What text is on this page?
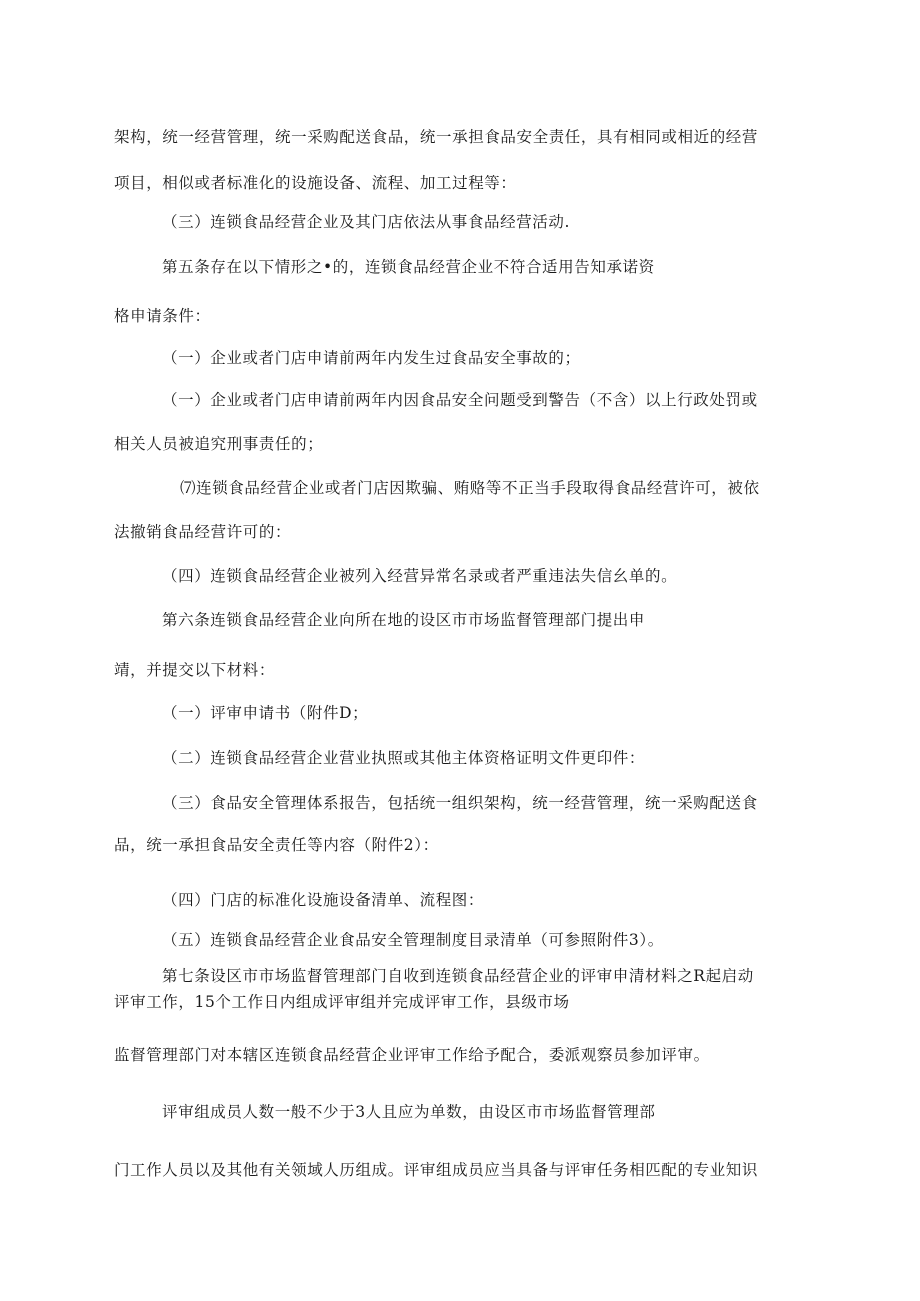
架构，统一经营管理，统一采购配送食品，统一承担食品安全责任，具有相同或相近的经营

项目，相似或者标准化的设施设备、流程、加工过程等：

（三）连锁食品经营企业及其门店依法从事食品经营活动.

第五条存在以下情形之•的，连锁食品经营企业不符合适用告知承诺资

格申请条件：

（一）企业或者门店申请前两年内发生过食品安全事故的；

（一）企业或者门店申请前两年内因食品安全问题受到警告（不含）以上行政处罚或

相关人员被追究刑事责任的；

⑺连锁食品经营企业或者门店因欺骗、贿赂等不正当手段取得食品经营许可，被依

法撤销食品经营许可的：

（四）连锁食品经营企业被列入经营异常名录或者严重违法失信幺单的。

第六条连锁食品经营企业向所在地的设区市市场监督管理部门提出申

靖，并提交以下材料：

（一）评审申请书（附件D；

（二）连锁食品经营企业营业执照或其他主体资格证明文件更印件：

（三）食品安全管理体系报告，包括统一组织架构，统一经营管理，统一采购配送食

品，统一承担食品安全责任等内容（附件2）：

（四）门店的标准化设施设备清单、流程图：

（五）连锁食品经营企业食品安全管理制度目录清单（可参照附件3）。

第七条设区市市场监督管理部门自收到连锁食品经营企业的评审申清材料之R起启动

评审工作，15个工作日内组成评审组并完成评审工作，县级市场

监督管理部门对本辖区连锁食品经营企业评审工作给予配合，委派观察员参加评审。

评审组成员人数一般不少于3人且应为单数，由设区市市场监督管理部

门工作人员以及其他有关领域人历组成。评审组成员应当具备与评审任务相匹配的专业知识
